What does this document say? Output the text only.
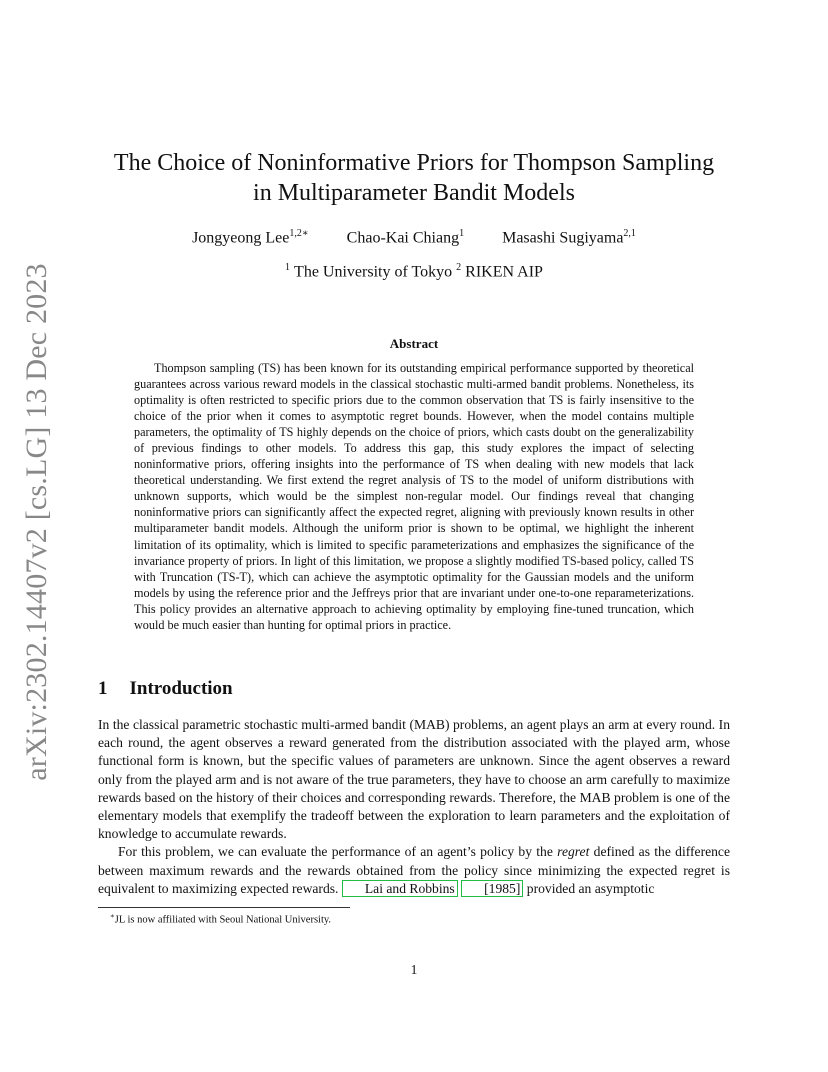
arXiv:2302.14407v2 [cs.LG] 13 Dec 2023
The Choice of Noninformative Priors for Thompson Sampling
in Multiparameter Bandit Models
Jongyeong Lee$^{1,2∗}$ Chao-Kai Chiang$^1$ Masashi Sugiyama$^{2,1}$
$^1$ The University of Tokyo $^2$ RIKEN AIP
Abstract

Thompson sampling (TS) has been known for its outstanding empirical performance supported by theoretical guarantees across various reward models in the classical stochastic multi-armed bandit problems. Nonetheless, its optimality is often restricted to specific priors due to the common observation that TS is fairly insensitive to the choice of the prior when it comes to asymptotic regret bounds. However, when the model contains multiple parameters, the optimality of TS highly depends on the choice of priors, which casts doubt on the generalizability of previous findings to other models. To address this gap, this study explores the impact of selecting noninformative priors, offering insights into the performance of TS when dealing with new models that lack theoretical understanding. We first extend the regret analysis of TS to the model of uniform distributions with unknown supports, which would be the simplest non-regular model. Our findings reveal that changing noninformative priors can significantly affect the expected regret, aligning with previously known results in other multiparameter bandit models. Although the uniform prior is shown to be optimal, we highlight the inherent limitation of its optimality, which is limited to specific parameterizations and emphasizes the significance of the invariance property of priors. In light of this limitation, we propose a slightly modified TS-based policy, called TS with Truncation (TS-T), which can achieve the asymptotic optimality for the Gaussian models and the uniform models by using the reference prior and the Jeffreys prior that are invariant under one-to-one reparameterizations. This policy provides an alternative approach to achieving optimality by employing fine-tuned truncation, which would be much easier than hunting for optimal priors in practice.

1 Introduction

In the classical parametric stochastic multi-armed bandit (MAB) problems, an agent plays an arm at every round. In each round, the agent observes a reward generated from the distribution associated with the played arm, whose functional form is known, but the specific values of parameters are unknown. Since the agent observes a reward only from the played arm and is not aware of the true parameters, they have to choose an arm carefully to maximize rewards based on the history of their choices and corresponding rewards. Therefore, the MAB problem is one of the elementary models that exemplify the tradeoff between the exploration to learn parameters and the exploitation of knowledge to accumulate rewards.

For this problem, we can evaluate the performance of an agent’s policy by the regret defined as the difference between maximum rewards and the rewards obtained from the policy since minimizing the expected regret is equivalent to maximizing expected rewards. Lai and Robbins [1985] provided an asymptotic

∗JL is now affiliated with Seoul National University.
1
